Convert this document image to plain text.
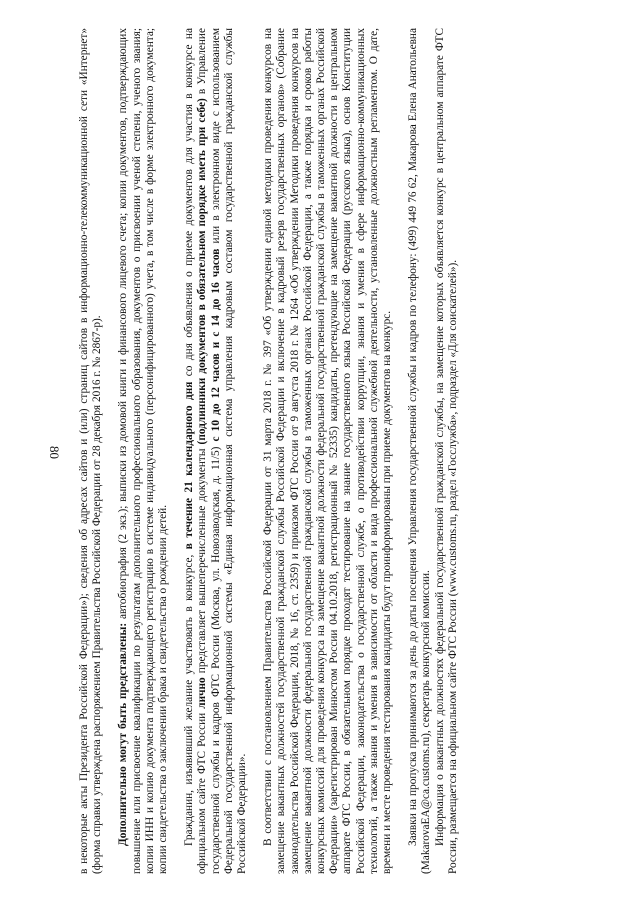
80 в некоторые акты Президента Российской Федерации»); сведения об адресах сайтов и (или) страниц сайтов в информационно-телекоммуникационной сети «Интернет» (форма справки утверждена распоряжением Правительства Российской Федерации от 28 декабря 2016 г. № 2867-р). Дополнительно могут быть представлены: автобиография (2 экз.); выписки из домовой книги и финансового лицевого счета; копии документов, подтверждающих повышение или присвоение квалификации по результатам дополнительного профессионального образования, документов о присвоении ученой степени, ученого звания; копии ИНН и копию документа подтверждающего регистрацию в системе индивидуального (персонифицированного) учета, в том числе в форме электронного документа; копии свидетельства о заключении брака и свидетельства о рождении детей. Гражданин, изъявивший желание участвовать в конкурсе, в течение 21 календарного дня со дня объявления о приеме документов для участия в конкурсе на официальном сайте ФТС России лично представляет вышеперечисленные документы (подлинники документов в обязательном порядке иметь при себе) в Управление государственной службы и кадров ФТС России (Москва, ул. Новозаводская, д. 11/5) с 10 до 12 часов и с 14 до 16 часов или в электронном виде с использованием Федеральной государственной информационной системы «Единая информационная система управления кадровым составом государственной гражданской службы Российской Федерации». В соответствии с постановлением Правительства Российской Федерации от 31 марта 2018 г. № 397 «Об утверждении единой методики проведения конкурсов на замещение вакантных должностей государственной гражданской службы Российской Федерации и включение в кадровый резерв государственных органов» (Собрание законодательства Российской Федерации, 2018, № 16, ст. 2359) и приказом ФТС России от 9 августа 2018 г. № 1264 «Об утверждении Методики проведения конкурсов на замещение вакантной должности федеральной государственной гражданской службы в таможенных органах Российской Федерации, а также порядка и сроков работы конкурсных комиссий для проведения конкурса на замещение вакантной должности федеральной государственной гражданской службы в таможенных органах Российской Федерации» (зарегистрирован Минюстом России 04.10.2018, регистрационный № 52335) кандидаты, претендующие на замещение вакантной должности в центральном аппарате ФТС России, в обязательном порядке проходят тестирование на знание государственного языка Российской Федерации (русского языка), основ Конституции Российской Федерации, законодательства о государственной службе, о противодействии коррупции, знания и умения в сфере информационно-коммуникационных технологий, а также знания и умения в зависимости от области и вида профессиональной служебной деятельности, установленные должностным регламентом. О дате, времени и месте проведения тестирования кандидаты будут проинформированы при приеме документов на конкурс. Заявки на пропуска принимаются за день до даты посещения Управления государственной службы и кадров по телефону: (499) 449 76 62, Макарова Елена Анатольевна (MakarovaEA@ca.customs.ru), секретарь конкурсной комиссии. Информация о вакантных должностях федеральной государственной гражданской службы, на замещение которых объявляется конкурс в центральном аппарате ФТС России, размещается на официальном сайте ФТС России (www.customs.ru, раздел «Госслужба», подраздел «Для соискателей»).
